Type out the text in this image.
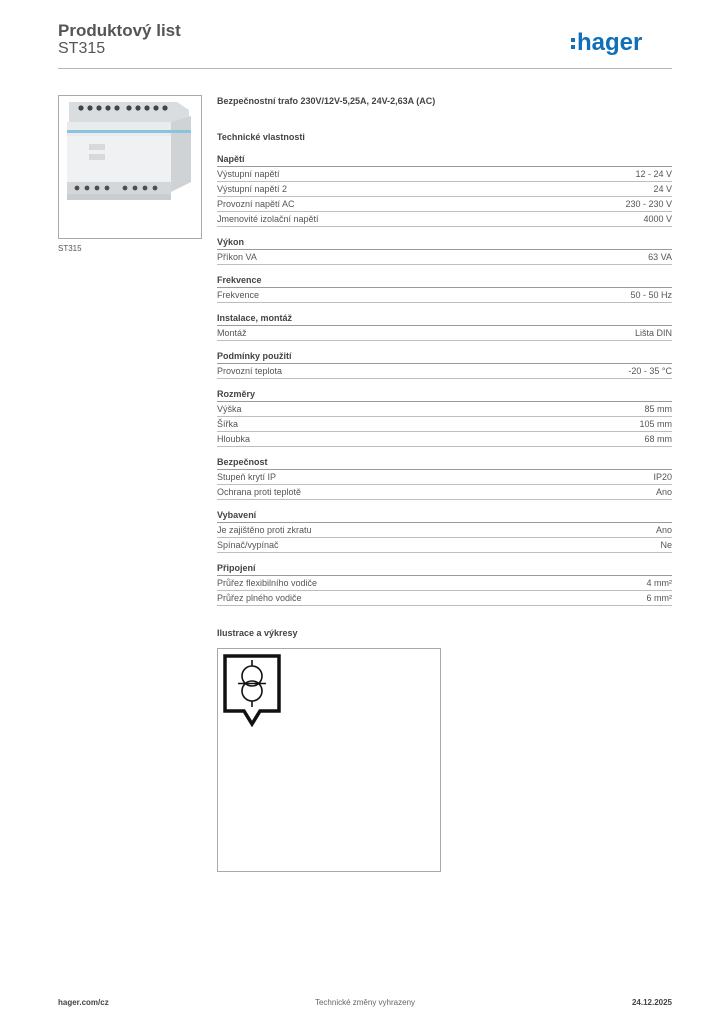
Produktový list
ST315	hager
ST315
Bezpečnostní trafo 230V/12V-5,25A, 24V-2,63A (AC)
Technické vlastnosti
Napětí
Výstupní napětí	12 - 24 V
Výstupní napětí 2	24 V
Provozní napětí AC	230 - 230 V
Jmenovité izolační napětí	4000 V
Výkon
Příkon VA	63 VA
Frekvence
Frekvence	50 - 50 Hz
Instalace, montáž
Montáž	Lišta DIN
Podmínky použití
Provozní teplota	-20 - 35 °C
Rozměry
Výška	85 mm
Šířka	105 mm
Hloubka	68 mm
Bezpečnost
Stupeň krytí IP	IP20
Ochrana proti teplotě	Ano
Vybavení
Je zajištěno proti zkratu	Ano
Spínač/vypínač	Ne
Připojení
Průřez flexibilního vodiče	4 mm²
Průřez plného vodiče	6 mm²
Ilustrace a výkresy
Technické změny vyhrazeny
hager.com/cz	24.12.2025
